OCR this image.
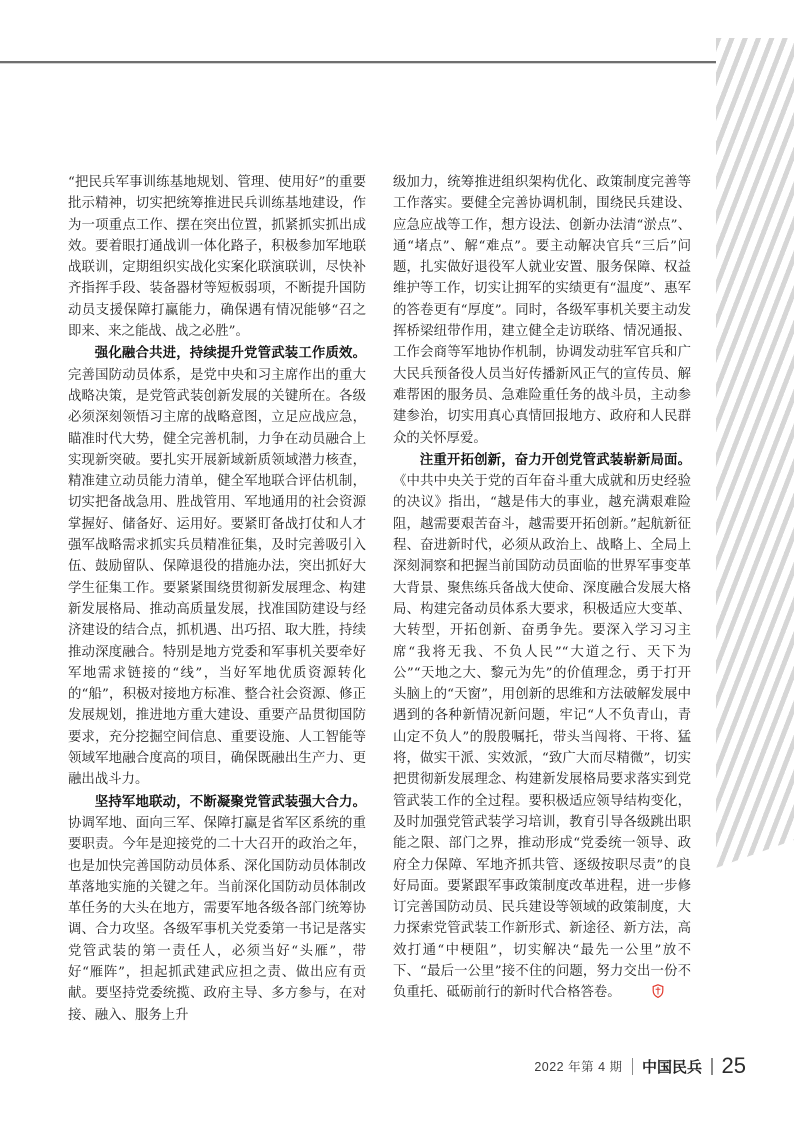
“把民兵军事训练基地规划、管理、使用好”的重要批示精神，切实把统筹推进民兵训练基地建设，作为一项重点工作、摆在突出位置，抓紧抓实抓出成效。要着眼打通战训一体化路子，积极参加军地联战联训，定期组织实战化实案化联演联训，尽快补齐指挥手段、装备器材等短板弱项，不断提升国防动员支援保障打赢能力，确保遇有情况能够“召之即来、来之能战、战之必胜”。

强化融合共进，持续提升党管武装工作质效。完善国防动员体系，是党中央和习主席作出的重大战略决策，是党管武装创新发展的关键所在。各级必须深刻领悟习主席的战略意图，立足应战应急，瞄准时代大势，健全完善机制，力争在动员融合上实现新突破。要扎实开展新域新质领域潜力核查，精准建立动员能力清单，健全军地联合评估机制，切实把备战急用、胜战管用、军地通用的社会资源掌握好、储备好、运用好。要紧盯备战打仗和人才强军战略需求抓实兵员精准征集，及时完善吸引入伍、鼓励留队、保障退役的措施办法，突出抓好大学生征集工作。要紧紧围绕贯彻新发展理念、构建新发展格局、推动高质量发展，找准国防建设与经济建设的结合点，抓机遇、出巧招、取大胜，持续推动深度融合。特别是地方党委和军事机关要牵好军地需求链接的“线”，当好军地优质资源转化的“船”，积极对接地方标准、整合社会资源、修正发展规划，推进地方重大建设、重要产品贯彻国防要求，充分挖掘空间信息、重要设施、人工智能等领域军地融合度高的项目，确保既融出生产力、更融出战斗力。

坚持军地联动，不断凝聚党管武装强大合力。协调军地、面向三军、保障打赢是省军区系统的重要职责。今年是迎接党的二十大召开的政治之年，也是加快完善国防动员体系、深化国防动员体制改革落地实施的关键之年。当前深化国防动员体制改革任务的大头在地方，需要军地各级各部门统筹协调、合力攻坚。各级军事机关党委第一书记是落实党管武装的第一责任人，必须当好“头雁”，带好“雁阵”，担起抓武建武应担之责、做出应有贡献。要坚持党委统揽、政府主导、多方参与，在对接、融入、服务上升

级加力，统筹推进组织架构优化、政策制度完善等工作落实。要健全完善协调机制，围绕民兵建设、应急应战等工作，想方设法、创新办法清“淤点”、通“堵点”、解“难点”。要主动解决官兵“三后”问题，扎实做好退役军人就业安置、服务保障、权益维护等工作，切实让拥军的实绩更有“温度”、惠军的答卷更有“厚度”。同时，各级军事机关要主动发挥桥梁纽带作用，建立健全走访联络、情况通报、工作会商等军地协作机制，协调发动驻军官兵和广大民兵预备役人员当好传播新风正气的宣传员、解难帮困的服务员、急难险重任务的战斗员，主动参建参治，切实用真心真情回报地方、政府和人民群众的关怀厚爱。

注重开拓创新，奋力开创党管武装崭新局面。《中共中央关于党的百年奋斗重大成就和历史经验的决议》指出，“越是伟大的事业，越充满艰难险阻，越需要艰苦奋斗，越需要开拓创新。”起航新征程、奋进新时代，必须从政治上、战略上、全局上深刻洞察和把握当前国防动员面临的世界军事变革大背景、聚焦练兵备战大使命、深度融合发展大格局、构建完备动员体系大要求，积极适应大变革、大转型，开拓创新、奋勇争先。要深入学习习主席“我将无我、不负人民”“大道之行、天下为公”“天地之大、黎元为先”的价值理念，勇于打开头脑上的“天窗”，用创新的思维和方法破解发展中遇到的各种新情况新问题，牢记“人不负青山，青山定不负人”的殷殷嘱托，带头当闯将、干将、猛将，做实干派、实效派，“致广大而尽精微”，切实把贯彻新发展理念、构建新发展格局要求落实到党管武装工作的全过程。要积极适应领导结构变化，及时加强党管武装学习培训，教育引导各级跳出职能之限、部门之界，推动形成“党委统一领导、政府全力保障、军地齐抓共管、逐级按职尽责”的良好局面。要紧跟军事政策制度改革进程，进一步修订完善国防动员、民兵建设等领域的政策制度，大力探索党管武装工作新形式、新途径、新方法，高效打通“中梗阻”，切实解决“最先一公里”放不下、“最后一公里”接不住的问题，努力交出一份不负重托、砥砺前行的新时代合格答卷。

2022 年第 4 期 中国民兵 25
